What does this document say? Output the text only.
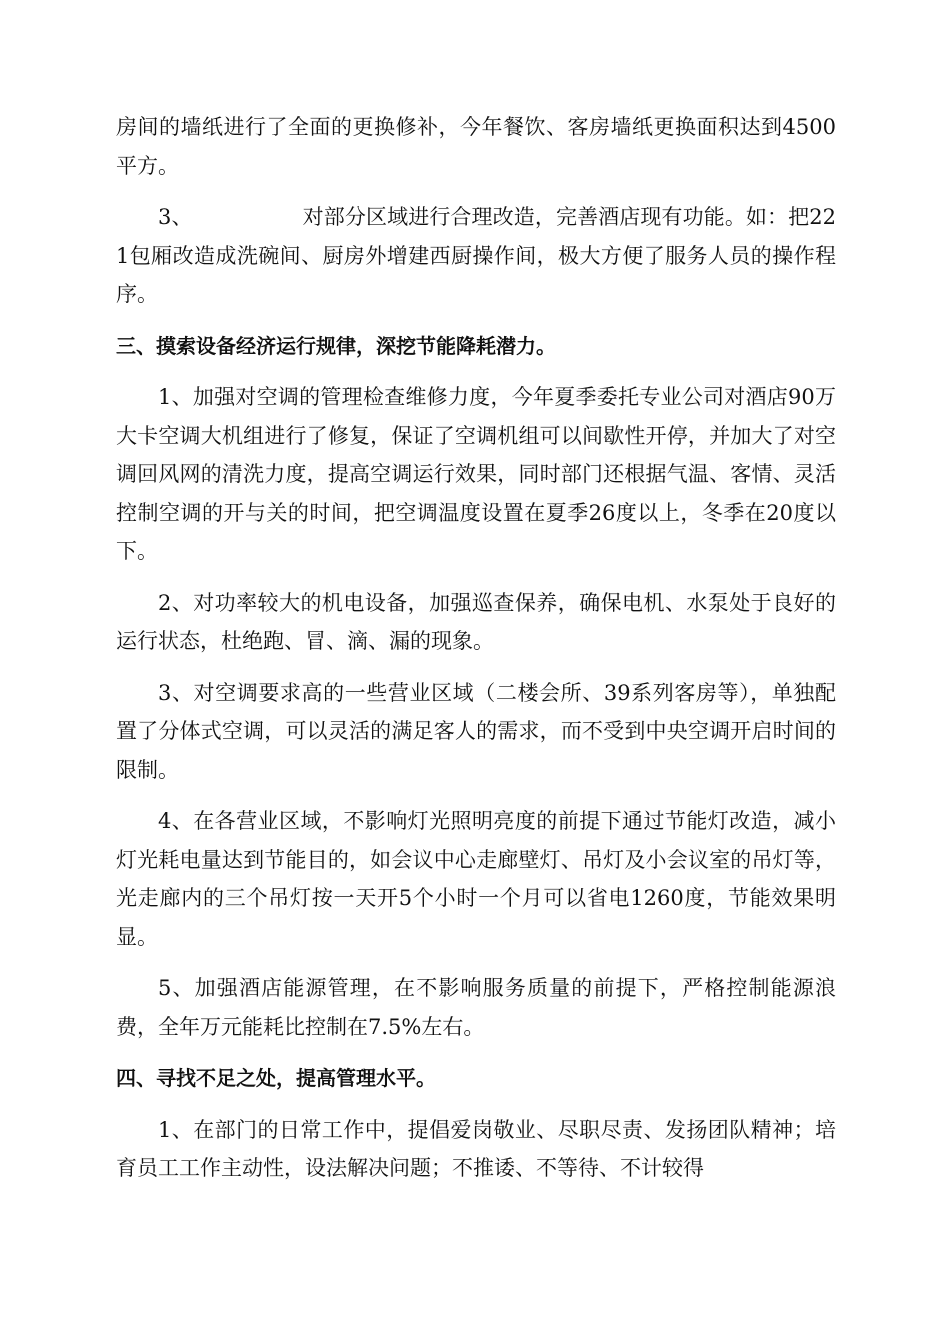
房间的墙纸进行了全面的更换修补，今年餐饮、客房墙纸更换面积达到4500平方。

3、	对部分区域进行合理改造，完善酒店现有功能。如：把221包厢改造成洗碗间、厨房外增建西厨操作间，极大方便了服务人员的操作程序。

三、摸索设备经济运行规律，深挖节能降耗潜力。

1、加强对空调的管理检查维修力度，今年夏季委托专业公司对酒店90万大卡空调大机组进行了修复，保证了空调机组可以间歇性开停，并加大了对空调回风网的清洗力度，提高空调运行效果，同时部门还根据气温、客情、灵活控制空调的开与关的时间，把空调温度设置在夏季26度以上，冬季在20度以下。

2、对功率较大的机电设备，加强巡查保养，确保电机、水泵处于良好的运行状态，杜绝跑、冒、滴、漏的现象。

3、对空调要求高的一些营业区域（二楼会所、39系列客房等），单独配置了分体式空调，可以灵活的满足客人的需求，而不受到中央空调开启时间的限制。

4、在各营业区域，不影响灯光照明亮度的前提下通过节能灯改造，减小灯光耗电量达到节能目的，如会议中心走廊壁灯、吊灯及小会议室的吊灯等，光走廊内的三个吊灯按一天开5个小时一个月可以省电1260度，节能效果明显。

5、加强酒店能源管理，在不影响服务质量的前提下，严格控制能源浪费，全年万元能耗比控制在7.5%左右。

四、寻找不足之处，提高管理水平。

1、在部门的日常工作中，提倡爱岗敬业、尽职尽责、发扬团队精神；培育员工工作主动性，设法解决问题；不推诿、不等待、不计较得
